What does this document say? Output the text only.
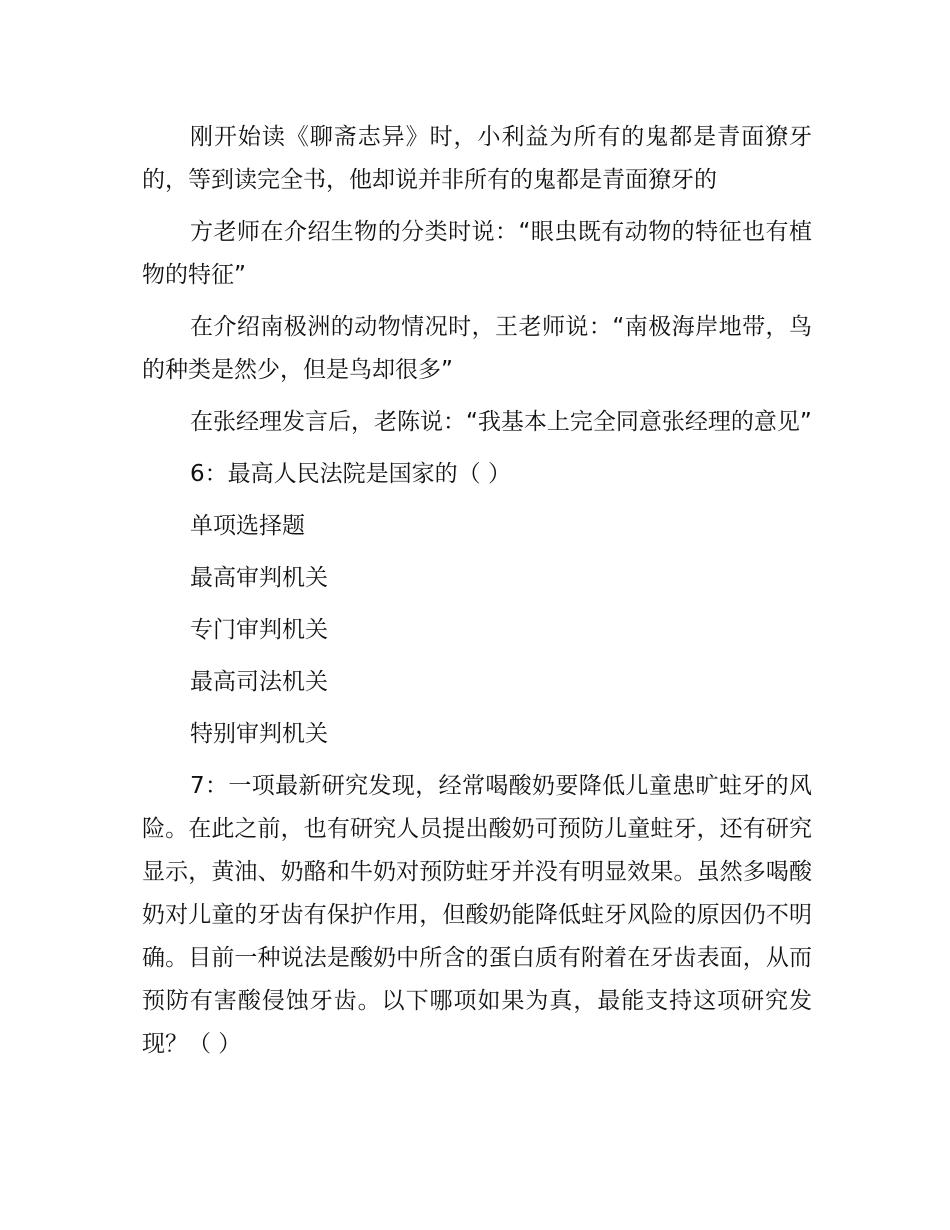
刚开始读《聊斋志异》时，小利益为所有的鬼都是青面獠牙的，等到读完全书，他却说并非所有的鬼都是青面獠牙的

方老师在介绍生物的分类时说：“眼虫既有动物的特征也有植物的特征”

在介绍南极洲的动物情况时，王老师说：“南极海岸地带，鸟的种类是然少，但是鸟却很多”

在张经理发言后，老陈说：“我基本上完全同意张经理的意见”

6：最高人民法院是国家的（ ）

单项选择题

最高审判机关

专门审判机关

最高司法机关

特别审判机关

7：一项最新研究发现，经常喝酸奶要降低儿童患旷蛀牙的风险。在此之前，也有研究人员提出酸奶可预防儿童蛀牙，还有研究显示，黄油、奶酪和牛奶对预防蛀牙并没有明显效果。虽然多喝酸奶对儿童的牙齿有保护作用，但酸奶能降低蛀牙风险的原因仍不明确。目前一种说法是酸奶中所含的蛋白质有附着在牙齿表面，从而预防有害酸侵蚀牙齿。以下哪项如果为真，最能支持这项研究发现？（ ）
